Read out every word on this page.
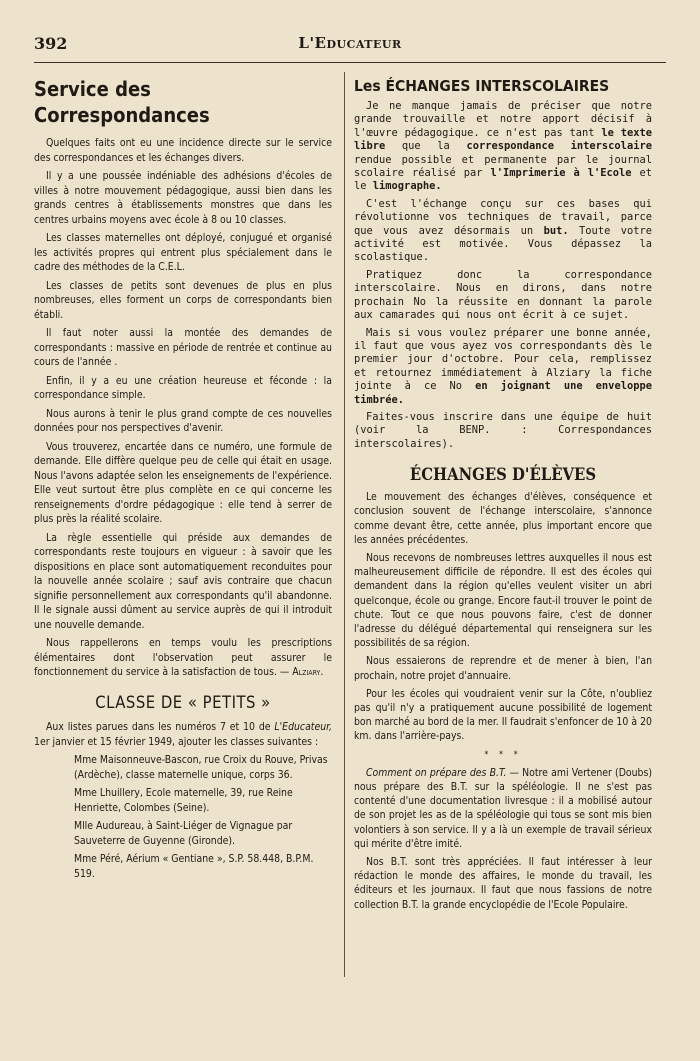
392	L'Educateur
Service des Correspondances

Quelques faits ont eu une incidence directe sur le service des correspondances et les échanges divers.

Il y a une poussée indéniable des adhésions d'écoles de villes à notre mouvement pédagogique, aussi bien dans les grands centres à établissements monstres que dans les centres urbains moyens avec école à 8 ou 10 classes.

Les classes maternelles ont déployé, conjugué et organisé les activités propres qui entrent plus spécialement dans le cadre des méthodes de la C.E.L.

Les classes de petits sont devenues de plus en plus nombreuses, elles forment un corps de correspondants bien établi.

Il faut noter aussi la montée des demandes de correspondants : massive en période de rentrée et continue au cours de l'année .

Enfin, il y a eu une création heureuse et féconde : la correspondance simple.

Nous aurons à tenir le plus grand compte de ces nouvelles données pour nos perspectives d'avenir.

Vous trouverez, encartée dans ce numéro, une formule de demande. Elle diffère quelque peu de celle qui était en usage. Nous l'avons adaptée selon les enseignements de l'expérience. Elle veut surtout être plus complète en ce qui concerne les renseignements d'ordre pédagogique : elle tend à serrer de plus près la réalité scolaire.

La règle essentielle qui préside aux demandes de correspondants reste toujours en vigueur : à savoir que les dispositions en place sont automatiquement reconduites pour la nouvelle année scolaire ; sauf avis contraire que chacun signifie personnellement aux correspondants qu'il abandonne. Il le signale aussi dûment au service auprès de qui il introduit une nouvelle demande.

Nous rappellerons en temps voulu les prescriptions élémentaires dont l'observation peut assurer le fonctionnement du service à la satisfaction de tous. — Alziary.

CLASSE DE « PETITS »

Aux listes parues dans les numéros 7 et 10 de L'Educateur, 1er janvier et 15 février 1949, ajouter les classes suivantes :

Mme Maisonneuve-Bascon, rue Croix du Rouve, Privas (Ardèche), classe maternelle unique, corps 36.

Mme Lhuillery, Ecole maternelle, 39, rue Reine Henriette, Colombes (Seine).

Mlle Audureau, à Saint-Liéger de Vignague par Sauveterre de Guyenne (Gironde).

Mme Péré, Aérium « Gentiane », S.P. 58.448, B.P.M. 519.

Les ÉCHANGES INTERSCOLAIRES

Je ne manque jamais de préciser que notre grande trouvaille et notre apport décisif à l'œuvre pédagogique. ce n'est pas tant le texte libre que la correspondance interscolaire rendue possible et permanente par le journal scolaire réalisé par l'Imprimerie à l'Ecole et le limographe.

C'est l'échange conçu sur ces bases qui révolutionne vos techniques de travail, parce que vous avez désormais un but. Toute votre activité est motivée. Vous dépassez la scolastique.

Pratiquez donc la correspondance interscolaire. Nous en dirons, dans notre prochain No la réussite en donnant la parole aux camarades qui nous ont écrit à ce sujet.

Mais si vous voulez préparer une bonne année, il faut que vous ayez vos correspondants dès le premier jour d'octobre. Pour cela, remplissez et retournez immédiatement à Alziary la fiche jointe à ce No en joignant une enveloppe timbrée.

Faites-vous inscrire dans une équipe de huit (voir la BENP. : Correspondances interscolaires).

ÉCHANGES D'ÉLÈVES

Le mouvement des échanges d'élèves, conséquence et conclusion souvent de l'échange interscolaire, s'annonce comme devant être, cette année, plus important encore que les années précédentes.

Nous recevons de nombreuses lettres auxquelles il nous est malheureusement difficile de répondre. Il est des écoles qui demandent dans la région qu'elles veulent visiter un abri quelconque, école ou grange. Encore faut-il trouver le point de chute. Tout ce que nous pouvons faire, c'est de donner l'adresse du délégué départemental qui renseignera sur les possibilités de sa région.

Nous essaierons de reprendre et de mener à bien, l'an prochain, notre projet d'annuaire.

Pour les écoles qui voudraient venir sur la Côte, n'oubliez pas qu'il n'y a pratiquement aucune possibilité de logement bon marché au bord de la mer. Il faudrait s'enfoncer de 10 à 20 km. dans l'arrière-pays.

* * *

Comment on prépare des B.T. — Notre ami Vertener (Doubs) nous prépare des B.T. sur la spéléologie. Il ne s'est pas contenté d'une documentation livresque : il a mobilisé autour de son projet les as de la spéléologie qui tous se sont mis bien volontiers à son service. Il y a là un exemple de travail sérieux qui mérite d'être imité.

Nos B.T. sont très appréciées. Il faut intéresser à leur rédaction le monde des affaires, le monde du travail, les éditeurs et les journaux. Il faut que nous fassions de notre collection B.T. la grande encyclopédie de l'Ecole Populaire.
